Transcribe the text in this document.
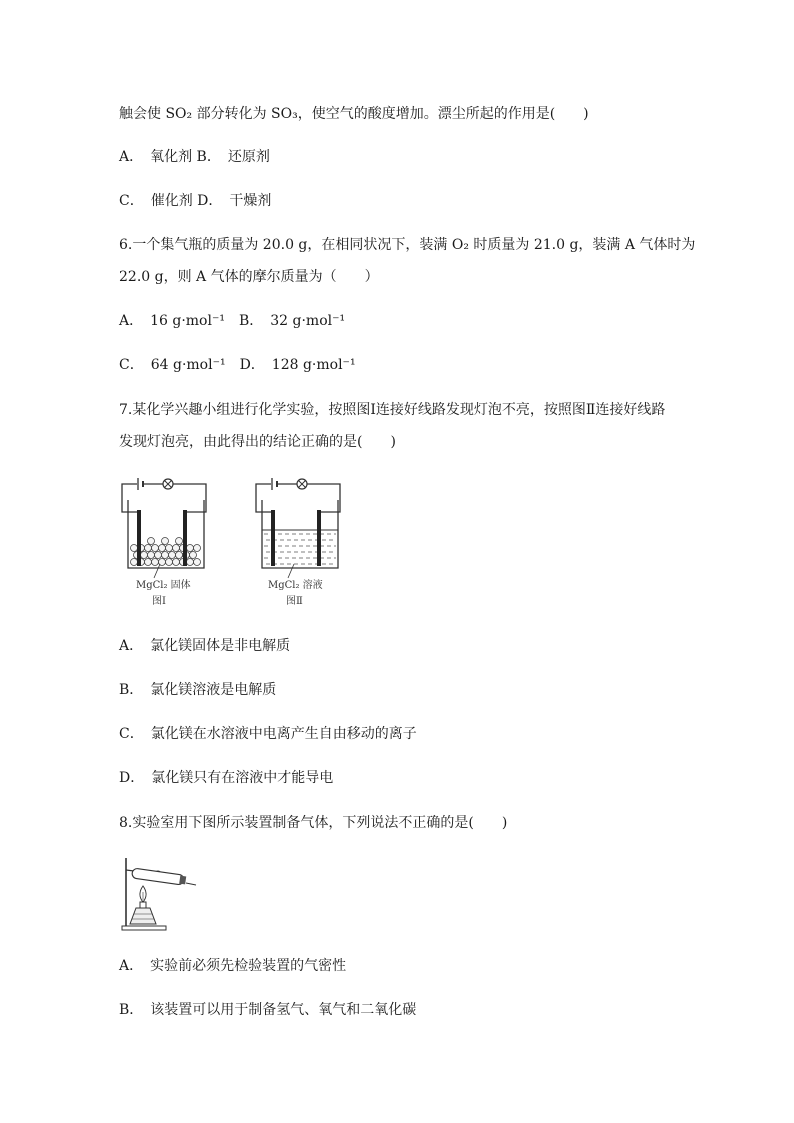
触会使 SO₂ 部分转化为 SO₃，使空气的酸度增加。漂尘所起的作用是(　　)
A．　氧化剂 B．　还原剂
C．　催化剂 D．　干燥剂
6.一个集气瓶的质量为 20.0 g，在相同状况下，装满 O₂ 时质量为 21.0 g，装满 A 气体时为
22.0 g，则 A 气体的摩尔质量为（　　）
A．　16 g·mol⁻¹　B．　32 g·mol⁻¹
C．　64 g·mol⁻¹　D．　128 g·mol⁻¹
7.某化学兴趣小组进行化学实验，按照图Ⅰ连接好线路发现灯泡不亮，按照图Ⅱ连接好线路
发现灯泡亮，由此得出的结论正确的是(　　)
MgCl₂ 固体
图Ⅰ
MgCl₂ 溶液
图Ⅱ
A．　氯化镁固体是非电解质
B．　氯化镁溶液是电解质
C．　氯化镁在水溶液中电离产生自由移动的离子
D．　氯化镁只有在溶液中才能导电
8.实验室用下图所示装置制备气体，下列说法不正确的是(　　)
A．　实验前必须先检验装置的气密性
B．　该装置可以用于制备氢气、氧气和二氧化碳
